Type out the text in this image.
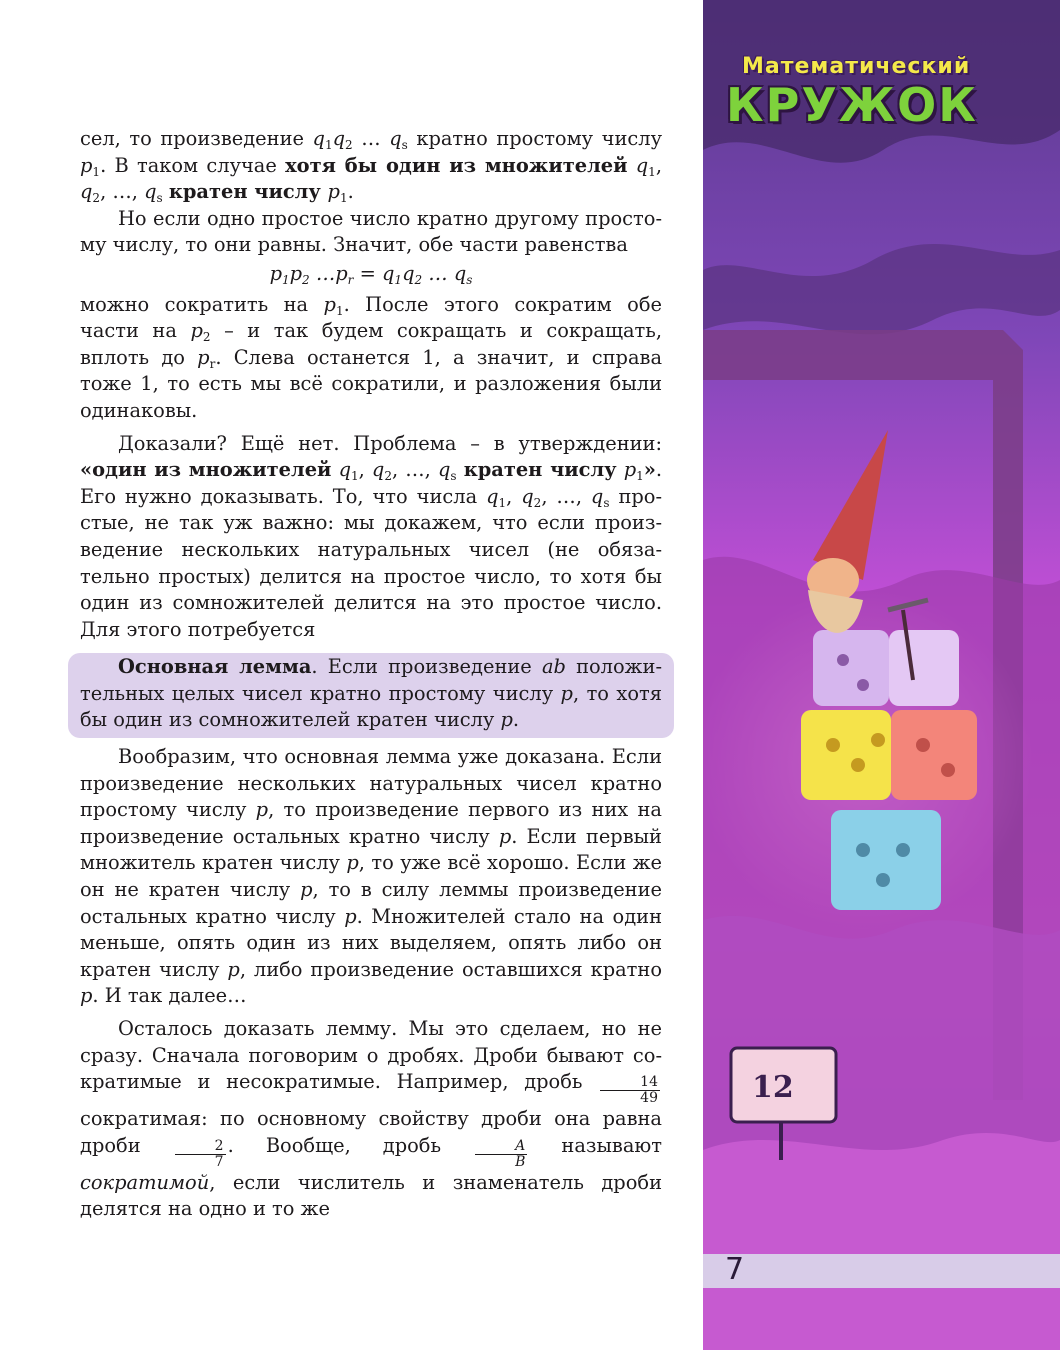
Математический
КРУЖОК
12
7

сел, то произведение $q_1q_2$ … $q_s$ кратно простому числу $p_1$. В таком случае хотя бы один из множителей $q_1$, $q_2$, …, $q_s$ кратен числу $p_1$.

Но если одно простое число кратно другому простому числу, то они равны. Значит, обе части равенства

$p_1p_2$ $\dots p_r = q_1q_2$ … $q_s$

можно сократить на $p_1$. После этого сократим обе части на $p_2$ – и так будем сокращать и сокращать, вплоть до $p_r$. Слева останется 1, а значит, и справа тоже 1, то есть мы всё сократили, и разложения были одинаковы.

Доказали? Ещё нет. Проблема – в утверждении: «один из множителей $q_1$, $q_2$, …, $q_s$ кратен числу $p_1$». Его нужно доказывать. То, что числа $q_1$, $q_2$, …, $q_s$ простые, не так уж важно: мы докажем, что если произведение нескольких натуральных чисел (не обязательно простых) делится на простое число, то хотя бы один из сомножителей делится на это простое число. Для этого потребуется

Основная лемма. Если произведение ab положительных целых чисел кратно простому числу p, то хотя бы один из сомножителей кратен числу p.

Вообразим, что основная лемма уже доказана. Если произведение нескольких натуральных чисел кратно простому числу p, то произведение первого из них на произведение остальных кратно числу p. Если первый множитель кратен числу p, то уже всё хорошо. Если же он не кратен числу p, то в силу леммы произведение остальных кратно числу p. Множителей стало на один меньше, опять один из них выделяем, опять либо он кратен числу p, либо произведение оставшихся кратно p. И так далее…

Осталось доказать лемму. Мы это сделаем, но не сразу. Сначала поговорим о дробях. Дроби бывают сократимые и несократимые. Например, дробь $\frac{14}{49}$
сократимая: по основному свойству дроби она равна дроби $\frac{2}{7}$ . Вообще, дробь $\frac{A}{B}$ называют сократимой, если числитель и знаменатель дроби делятся на одно и то же
